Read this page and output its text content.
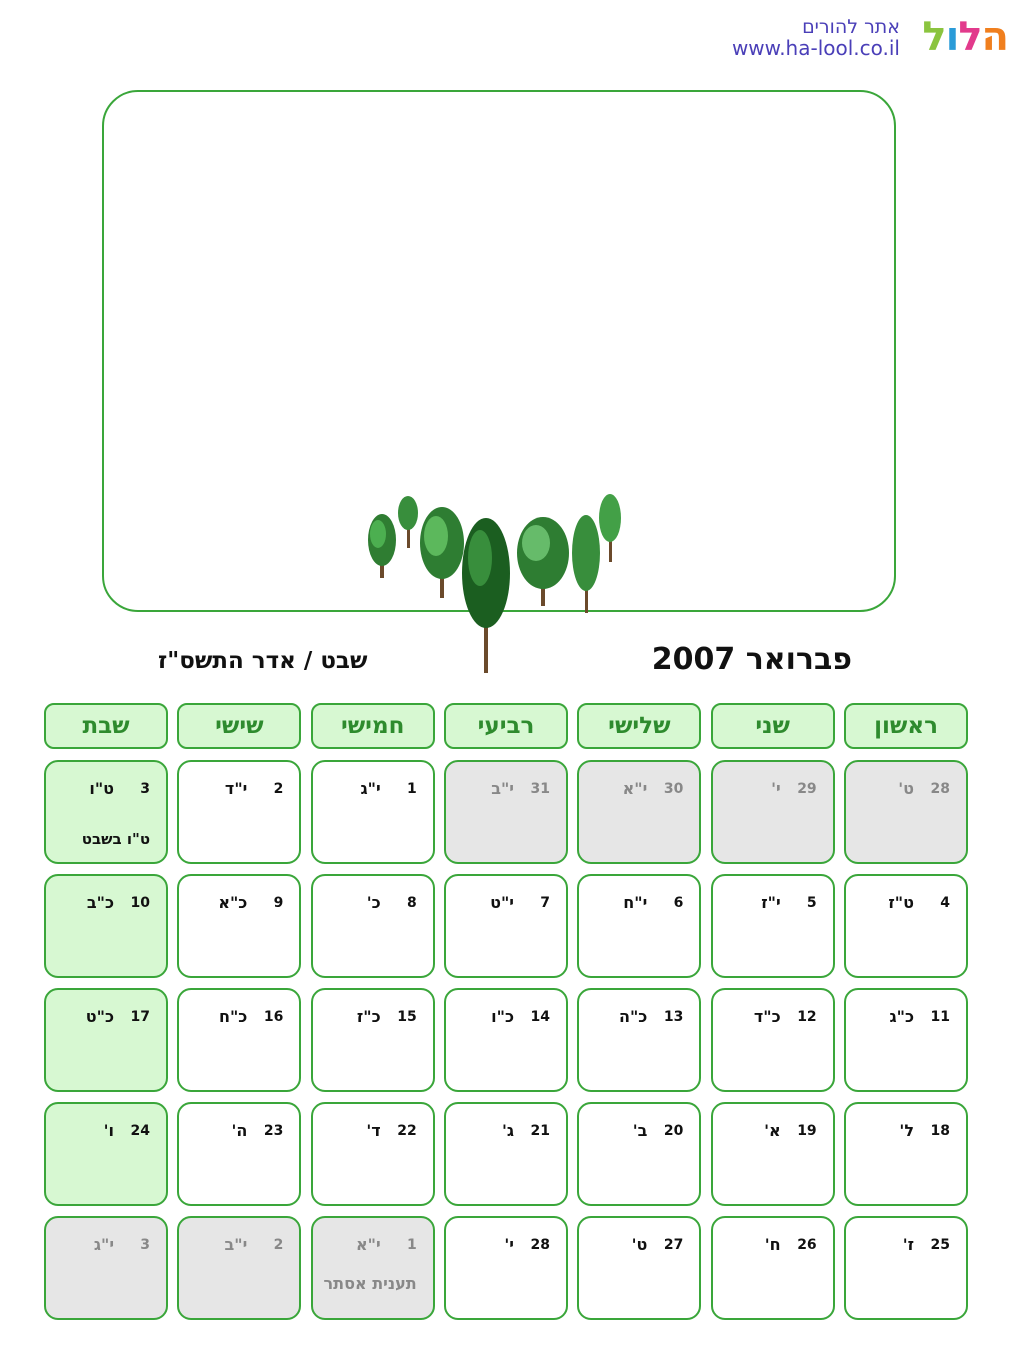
אתר להורים
www.ha-lool.co.il	הלול
פברואר 2007
שבט / אדר התשס"ז
ראשון
שני
שלישי
רביעי
חמישי
שישי
שבת
28
ט'
29
י'
30
י"א
31
י"ב
1
י"ג
2
י"ד
3
ט"ו
ט"ו בשבט
4
ט"ז
5
י"ז
6
י"ח
7
י"ט
8
כ'
9
כ"א
10
כ"ב
11
כ"ג
12
כ"ד
13
כ"ה
14
כ"ו
15
כ"ז
16
כ"ח
17
כ"ט
18
ל'
19
א'
20
ב'
21
ג'
22
ד'
23
ה'
24
ו'
25
ז'
26
ח'
27
ט'
28
י'
1
י"א
תענית אסתר
2
י"ב
3
י"ג
